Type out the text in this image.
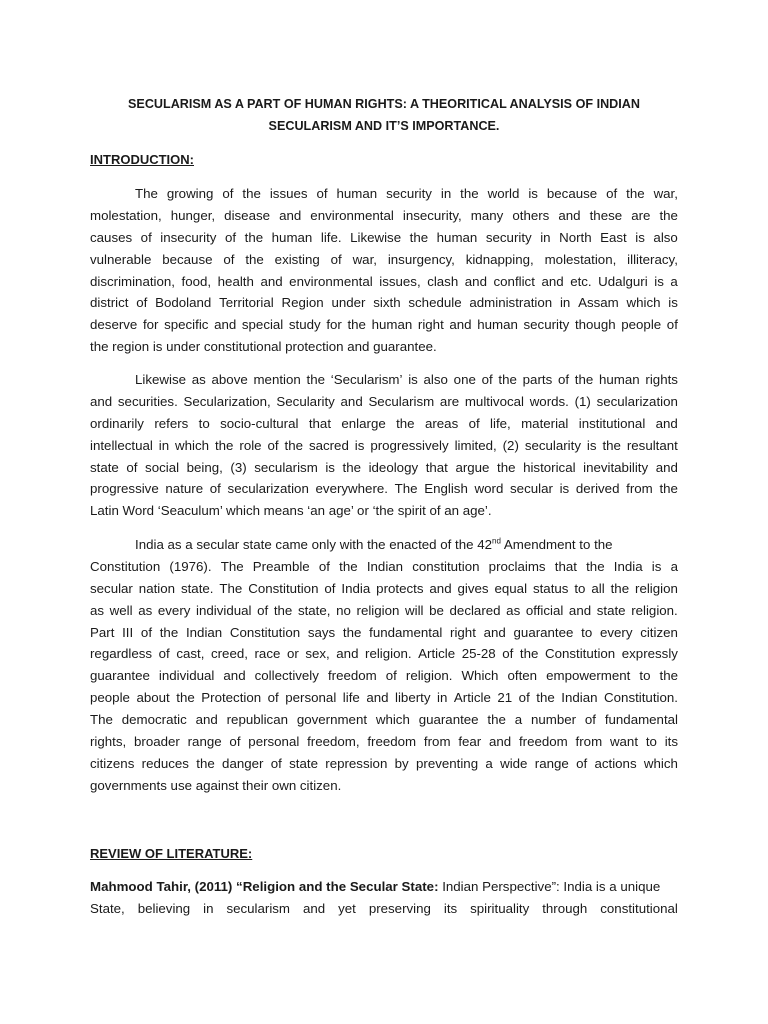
SECULARISM AS A PART OF HUMAN RIGHTS: A THEORITICAL ANALYSIS OF INDIAN
SECULARISM AND IT’S IMPORTANCE.
INTRODUCTION:
The growing of the issues of human security in the world is because of the war,
molestation, hunger, disease and environmental insecurity, many others and these are the
causes of insecurity of the human life. Likewise the human security in North East is also
vulnerable because of the existing of war, insurgency, kidnapping, molestation, illiteracy,
discrimination, food, health and environmental issues, clash and conflict and etc. Udalguri is a
district of Bodoland Territorial Region under sixth schedule administration in Assam which is
deserve for specific and special study for the human right and human security though people of
the region is under constitutional protection and guarantee.
Likewise as above mention the ‘Secularism’ is also one of the parts of the human rights
and securities. Secularization, Secularity and Secularism are multivocal words. (1) secularization
ordinarily refers to socio-cultural that enlarge the areas of life, material institutional and
intellectual in which the role of the sacred is progressively limited, (2) secularity is the resultant
state of social being, (3) secularism is the ideology that argue the historical inevitability and
progressive nature of secularization everywhere. The English word secular is derived from the
Latin Word ‘Seaculum’ which means ‘an age’ or ‘the spirit of an age’.
India as a secular state came only with the enacted of the 42nd Amendment to the
Constitution (1976). The Preamble of the Indian constitution proclaims that the India is a
secular nation state. The Constitution of India protects and gives equal status to all the religion
as well as every individual of the state, no religion will be declared as official and state religion.
Part III of the Indian Constitution says the fundamental right and guarantee to every citizen
regardless of cast, creed, race or sex, and religion. Article 25-28 of the Constitution expressly
guarantee individual and collectively freedom of religion. Which often empowerment to the
people about the Protection of personal life and liberty in Article 21 of the Indian Constitution.
The democratic and republican government which guarantee the a number of fundamental
rights, broader range of personal freedom, freedom from fear and freedom from want to its
citizens reduces the danger of state repression by preventing a wide range of actions which
governments use against their own citizen.
REVIEW OF LITERATURE:
Mahmood Tahir, (2011) “Religion and the Secular State: Indian Perspective”: India is a unique
State, believing in secularism and yet preserving its spirituality through constitutional
